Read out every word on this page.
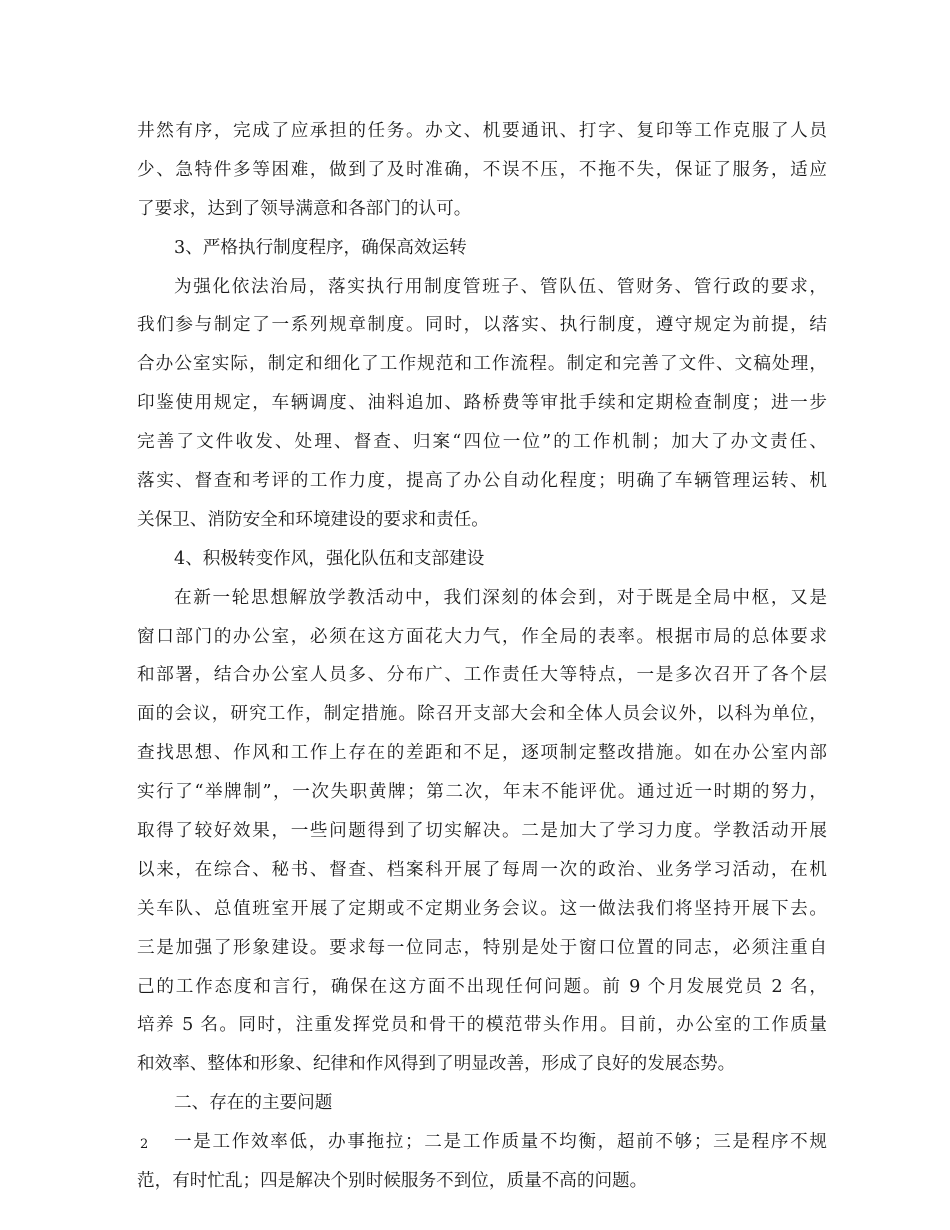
井然有序，完成了应承担的任务。办文、机要通讯、打字、复印等工作克服了人员
少、急特件多等困难，做到了及时准确，不误不压，不拖不失，保证了服务，适应
了要求，达到了领导满意和各部门的认可。
3、严格执行制度程序，确保高效运转
为强化依法治局，落实执行用制度管班子、管队伍、管财务、管行政的要求，
我们参与制定了一系列规章制度。同时，以落实、执行制度，遵守规定为前提，结
合办公室实际，制定和细化了工作规范和工作流程。制定和完善了文件、文稿处理，
印鉴使用规定，车辆调度、油料追加、路桥费等审批手续和定期检查制度；进一步
完善了文件收发、处理、督查、归案“四位一位”的工作机制；加大了办文责任、
落实、督查和考评的工作力度，提高了办公自动化程度；明确了车辆管理运转、机
关保卫、消防安全和环境建设的要求和责任。
4、积极转变作风，强化队伍和支部建设
在新一轮思想解放学教活动中，我们深刻的体会到，对于既是全局中枢，又是
窗口部门的办公室，必须在这方面花大力气，作全局的表率。根据市局的总体要求
和部署，结合办公室人员多、分布广、工作责任大等特点，一是多次召开了各个层
面的会议，研究工作，制定措施。除召开支部大会和全体人员会议外，以科为单位，
查找思想、作风和工作上存在的差距和不足，逐项制定整改措施。如在办公室内部
实行了“举牌制”，一次失职黄牌；第二次，年末不能评优。通过近一时期的努力，
取得了较好效果，一些问题得到了切实解决。二是加大了学习力度。学教活动开展
以来，在综合、秘书、督查、档案科开展了每周一次的政治、业务学习活动，在机
关车队、总值班室开展了定期或不定期业务会议。这一做法我们将坚持开展下去。
三是加强了形象建设。要求每一位同志，特别是处于窗口位置的同志，必须注重自
己的工作态度和言行，确保在这方面不出现任何问题。前 9 个月发展党员 2 名，
培养 5 名。同时，注重发挥党员和骨干的模范带头作用。目前，办公室的工作质量
和效率、整体和形象、纪律和作风得到了明显改善，形成了良好的发展态势。
二、存在的主要问题
一是工作效率低，办事拖拉；二是工作质量不均衡，超前不够；三是程序不规
范，有时忙乱；四是解决个别时候服务不到位，质量不高的问题。
2
